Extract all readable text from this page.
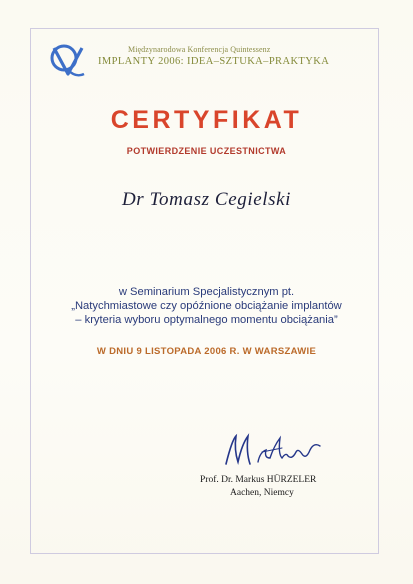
Międzynarodowa Konferencja Quintessenz
IMPLANTY 2006: IDEA–SZTUKA–PRAKTYKA
CERTYFIKAT
POTWIERDZENIE UCZESTNICTWA
Dr Tomasz Cegielski
w Seminarium Specjalistycznym pt.
„Natychmiastowe czy opóźnione obciążanie implantów
– kryteria wyboru optymalnego momentu obciążania”
W DNIU 9 LISTOPADA 2006 R. W WARSZAWIE
Prof. Dr. Markus HÜRZELER
Aachen, Niemcy
